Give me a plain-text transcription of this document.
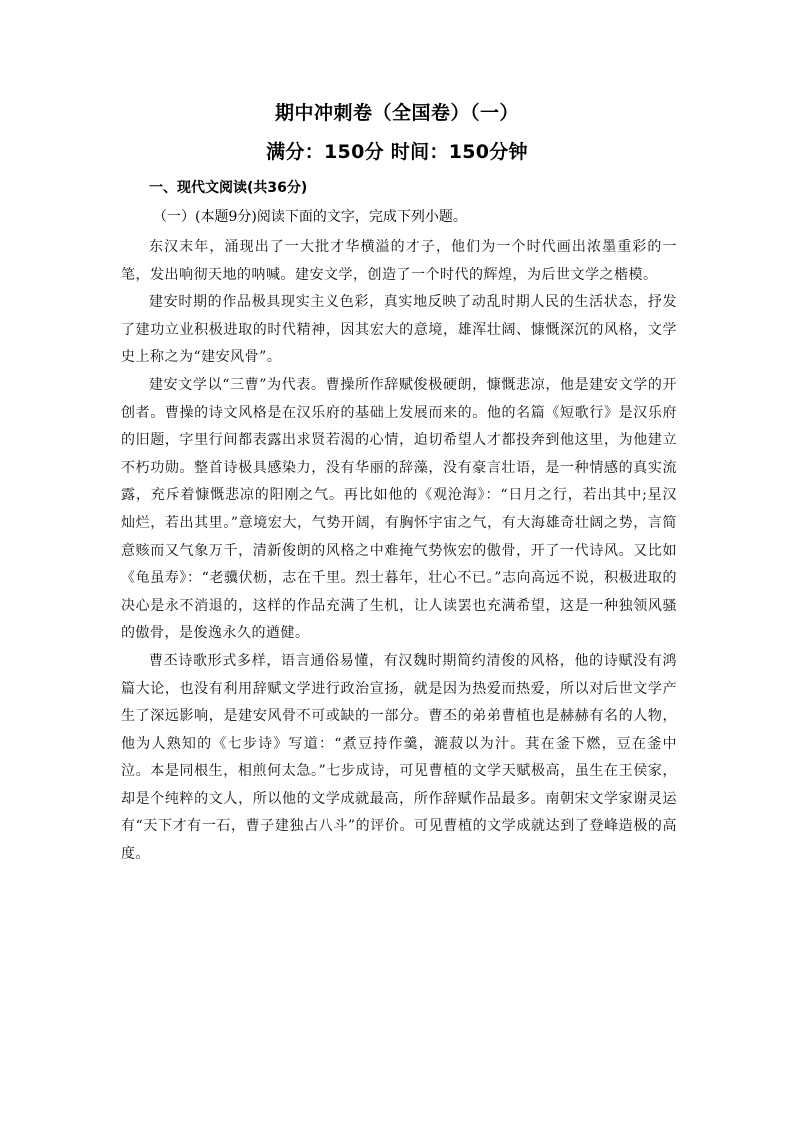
期中冲刺卷（全国卷）（一）
满分：150分 时间：150分钟
一、现代文阅读(共36分)
（一）(本题9分)阅读下面的文字，完成下列小题。

东汉末年，涌现出了一大批才华横溢的才子，他们为一个时代画出浓墨重彩的一笔，发出响彻天地的呐喊。建安文学，创造了一个时代的辉煌，为后世文学之楷模。

建安时期的作品极具现实主义色彩，真实地反映了动乱时期人民的生活状态，抒发了建功立业积极进取的时代精神，因其宏大的意境，雄浑壮阔、慷慨深沉的风格，文学史上称之为“建安风骨”。

建安文学以“三曹”为代表。曹操所作辞赋俊极硬朗，慷慨悲凉，他是建安文学的开创者。曹操的诗文风格是在汉乐府的基础上发展而来的。他的名篇《短歌行》是汉乐府的旧题，字里行间都表露出求贤若渴的心情，迫切希望人才都投奔到他这里，为他建立不朽功勋。整首诗极具感染力，没有华丽的辞藻，没有豪言壮语，是一种情感的真实流露，充斥着慷慨悲凉的阳刚之气。再比如他的《观沧海》：“日月之行，若出其中;星汉灿烂，若出其里。”意境宏大，气势开阔，有胸怀宇宙之气，有大海雄奇壮阔之势，言简意赅而又气象万千，清新俊朗的风格之中难掩气势恢宏的傲骨，开了一代诗风。又比如《龟虽寿》：“老骥伏枥，志在千里。烈士暮年，壮心不已。”志向高远不说，积极进取的决心是永不消退的，这样的作品充满了生机，让人读罢也充满希望，这是一种独领风骚的傲骨，是俊逸永久的遒健。

曹丕诗歌形式多样，语言通俗易懂，有汉魏时期简约清俊的风格，他的诗赋没有鸿篇大论，也没有利用辞赋文学进行政治宣扬，就是因为热爱而热爱，所以对后世文学产生了深远影响，是建安风骨不可或缺的一部分。曹丕的弟弟曹植也是赫赫有名的人物，他为人熟知的《七步诗》写道：“煮豆持作羹，漉菽以为汁。萁在釜下燃，豆在釜中泣。本是同根生，相煎何太急。”七步成诗，可见曹植的文学天赋极高，虽生在王侯家，却是个纯粹的文人，所以他的文学成就最高，所作辞赋作品最多。南朝宋文学家谢灵运有“天下才有一石，曹子建独占八斗”的评价。可见曹植的文学成就达到了登峰造极的高度。
